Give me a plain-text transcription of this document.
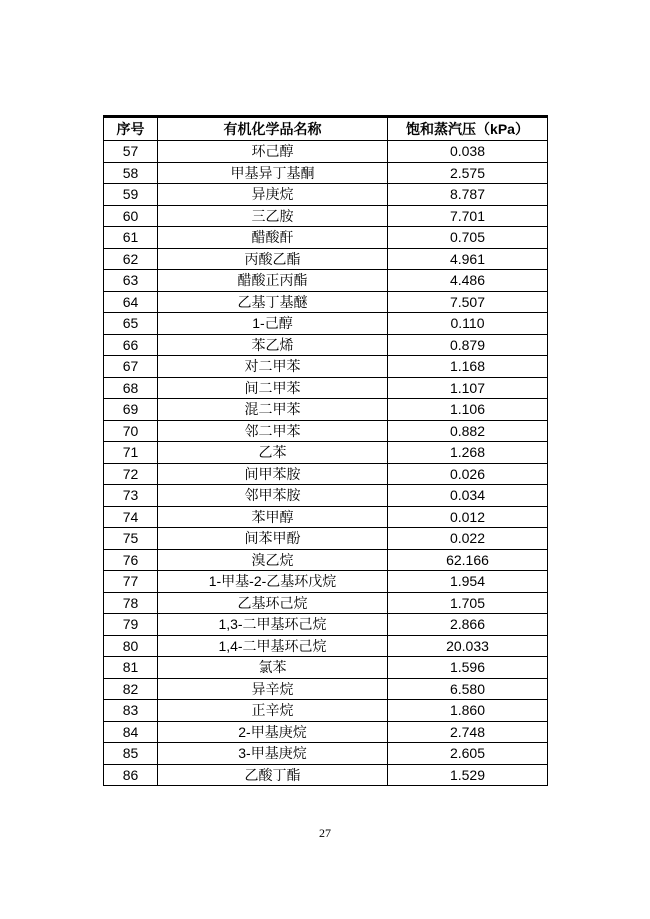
序号	有机化学品名称	饱和蒸汽压（kPa）
57	环己醇	0.038
58	甲基异丁基酮	2.575
59	异庚烷	8.787
60	三乙胺	7.701
61	醋酸酐	0.705
62	丙酸乙酯	4.961
63	醋酸正丙酯	4.486
64	乙基丁基醚	7.507
65	1-己醇	0.110
66	苯乙烯	0.879
67	对二甲苯	1.168
68	间二甲苯	1.107
69	混二甲苯	1.106
70	邻二甲苯	0.882
71	乙苯	1.268
72	间甲苯胺	0.026
73	邻甲苯胺	0.034
74	苯甲醇	0.012
75	间苯甲酚	0.022
76	溴乙烷	62.166
77	1-甲基-2-乙基环戊烷	1.954
78	乙基环己烷	1.705
79	1,3-二甲基环己烷	2.866
80	1,4-二甲基环己烷	20.033
81	氯苯	1.596
82	异辛烷	6.580
83	正辛烷	1.860
84	2-甲基庚烷	2.748
85	3-甲基庚烷	2.605
86	乙酸丁酯	1.529
27
